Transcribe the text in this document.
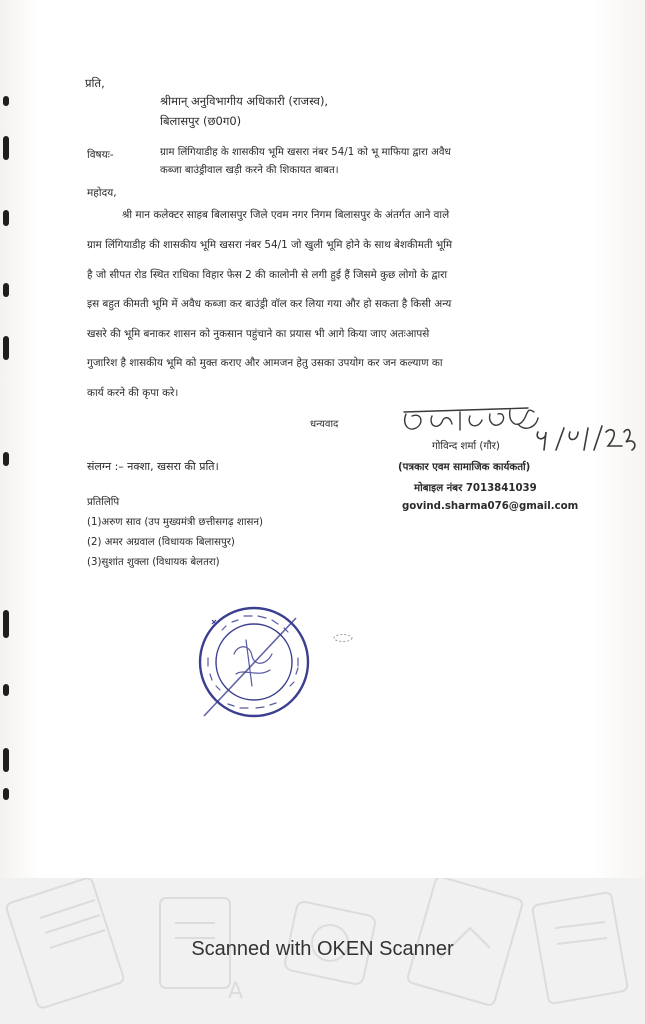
प्रति,
श्रीमान् अनुविभागीय अधिकारी (राजस्व),
बिलासपुर (छ0ग0)
विषयः-	ग्राम लिंगियाडीह के शासकीय भूमि खसरा नंबर 54/1 को भू माफिया द्वारा अवैध
कब्जा बाउंड्रीवाल खड़ी करने की शिकायत बाबत।
महोदय,
श्री मान कलेक्टर साहब बिलासपुर जिले एवम नगर निगम बिलासपुर के अंतर्गत आने वाले
ग्राम लिंगियाडीह की शासकीय भूमि खसरा नंबर 54/1 जो खुली भूमि होने के साथ बेशकीमती भूमि
है जो सीपत रोड स्थित राधिका विहार फेस 2 की कालोनी से लगी हुई हैं जिसमे कुछ लोगो के द्वारा
इस बहुत कीमती भूमि में अवैध कब्जा कर बाउंड्री वॉल कर लिया गया और हो सकता है किसी अन्य
खसरे की भूमि बनाकर शासन को नुकसान पहुंचाने का प्रयास भी आगे किया जाए अतःआपसे
गुजारिश है शासकीय भूमि को मुक्त कराए और आमजन हेतु उसका उपयोग कर जन कल्याण का
कार्य करने की कृपा करे।
धन्यवाद
गोविन्द शर्मा (गौर)
संलग्न :– नक्शा, खसरा की प्रति।	(पत्रकार एवम सामाजिक कार्यकर्ता)
मोबाइल नंबर 7013841039
govind.sharma076@gmail.com
प्रतिलिपि
(1)अरुण साव (उप मुख्यमंत्री छत्तीसगढ़ शासन)
(2) अमर अग्रवाल (विधायक बिलासपुर)
(3)सुशांत शुक्ला (विधायक बेलतरा)
A
Scanned with OKEN Scanner
